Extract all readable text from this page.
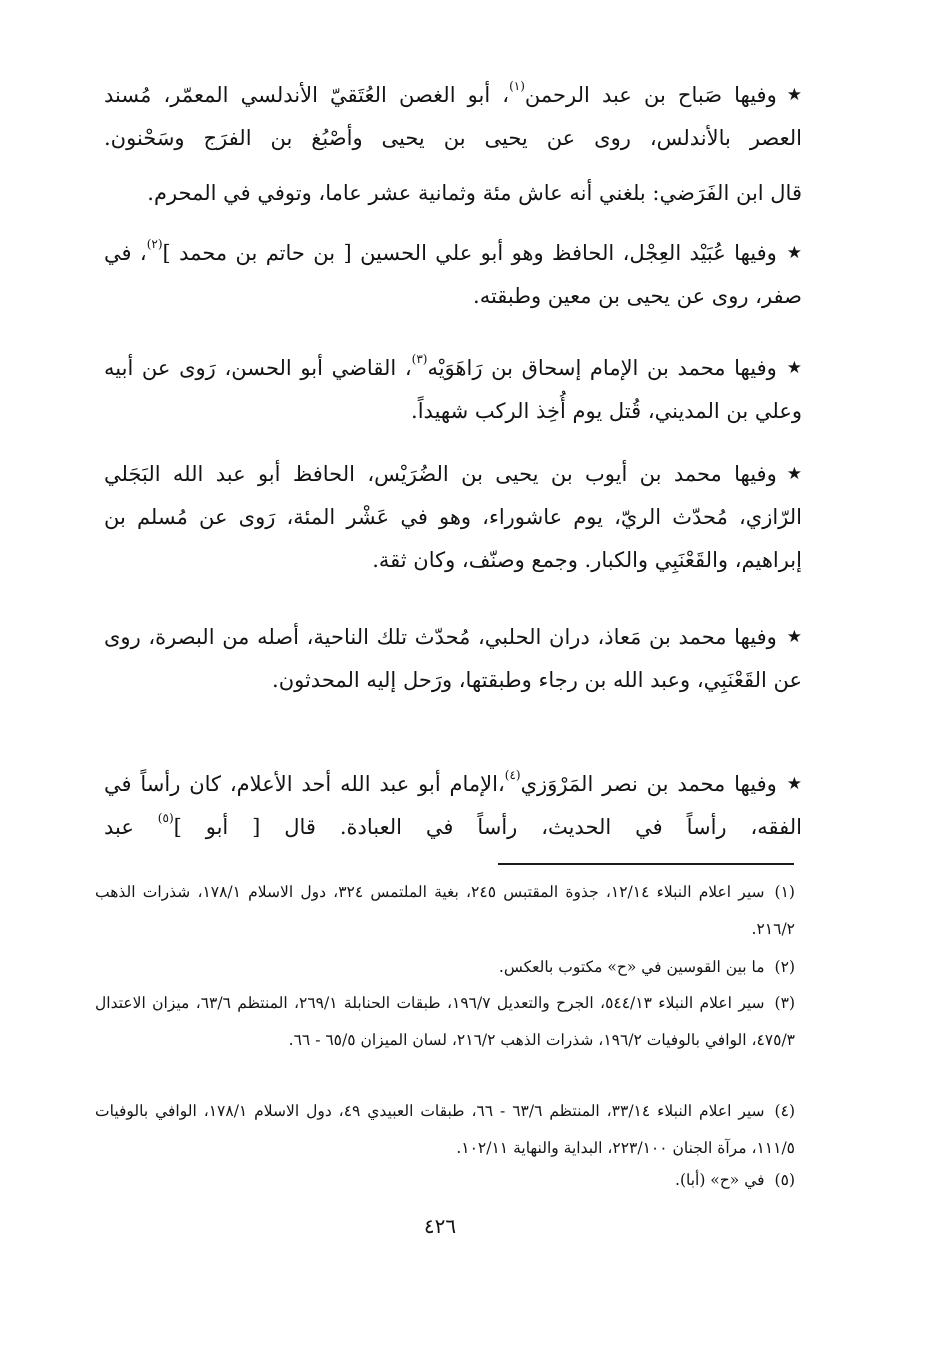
★وفيها صَباح بن عبد الرحمن$^{(١)}$، أبو الغصن العُتَقيّ الأندلسي المعمّر، مُسند العصر بالأندلس، روى عن يحيى بن يحيى وأصْبُغ بن الفرَج وسَحْنون.

قال ابن الفَرَضي: بلغني أنه عاش مئة وثمانية عشر عاما، وتوفي في المحرم.

★وفيها عُبَيْد العِجْل، الحافظ وهو أبو علي الحسين [ بن حاتم بن محمد ]$^{(٢)}$، في صفر، روى عن يحيى بن معين وطبقته.

★وفيها محمد بن الإمام إسحاق بن رَاهَوَيْه$^{(٣)}$، القاضي أبو الحسن، رَوى عن أبيه وعلي بن المديني، قُتل يوم أُخِذ الركب شهيداً.

★وفيها محمد بن أيوب بن يحيى بن الضُرَيْس، الحافظ أبو عبد الله البَجَلي الرّازي، مُحدّث الريّ، يوم عاشوراء، وهو في عَشْر المئة، رَوى عن مُسلم بن إبراهيم، والقَعْنَبِي والكبار. وجمع وصنّف، وكان ثقة.

★وفيها محمد بن مَعاذ، دران الحلبي، مُحدّث تلك الناحية، أصله من البصرة، روى عن القَعْنَبِي، وعبد الله بن رجاء وطبقتها، ورَحل إليه المحدثون.

★وفيها محمد بن نصر المَرْوَزي$^{(٤)}$،الإمام أبو عبد الله أحد الأعلام، كان رأساً في الفقه، رأساً في الحديث، رأساً في العبادة. قال [ أبو ]$^{(٥)}$ عبد

(١)سير اعلام النبلاء ١٢/١٤، جذوة المقتبس ٢٤٥، بغية الملتمس ٣٢٤، دول الاسلام ١٧٨/١، شذرات الذهب ٢١٦/٢.

(٢)ما بين القوسين في «ح» مكتوب بالعكس.

(٣)سير اعلام النبلاء ٥٤٤/١٣، الجرح والتعديل ١٩٦/٧، طبقات الحنابلة ٢٦٩/١، المنتظم ٦٣/٦، ميزان الاعتدال ٤٧٥/٣، الوافي بالوفيات ١٩٦/٢، شذرات الذهب ٢١٦/٢، لسان الميزان ٦٥/٥ - ٦٦.

(٤)سير اعلام النبلاء ٣٣/١٤، المنتظم ٦٣/٦ - ٦٦، طبقات العبيدي ٤٩، دول الاسلام ١٧٨/١، الوافي بالوفيات ١١١/٥، مرآة الجنان ٢٢٣/١٠٠، البداية والنهاية ١٠٢/١١.

(٥)في «ح» (أبا).

٤٢٦
